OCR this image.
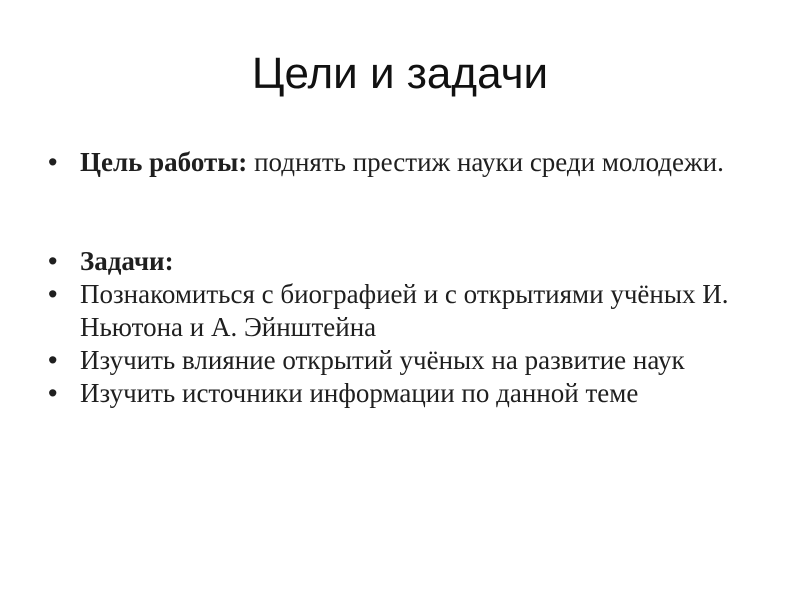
Цели и задачи
• Цель работы: поднять престиж науки среди молодежи.
• Задачи:
• Познакомиться с биографией и с открытиями учёных И. Ньютона и А. Эйнштейна
• Изучить влияние открытий учёных на развитие наук
• Изучить источники информации по данной теме
